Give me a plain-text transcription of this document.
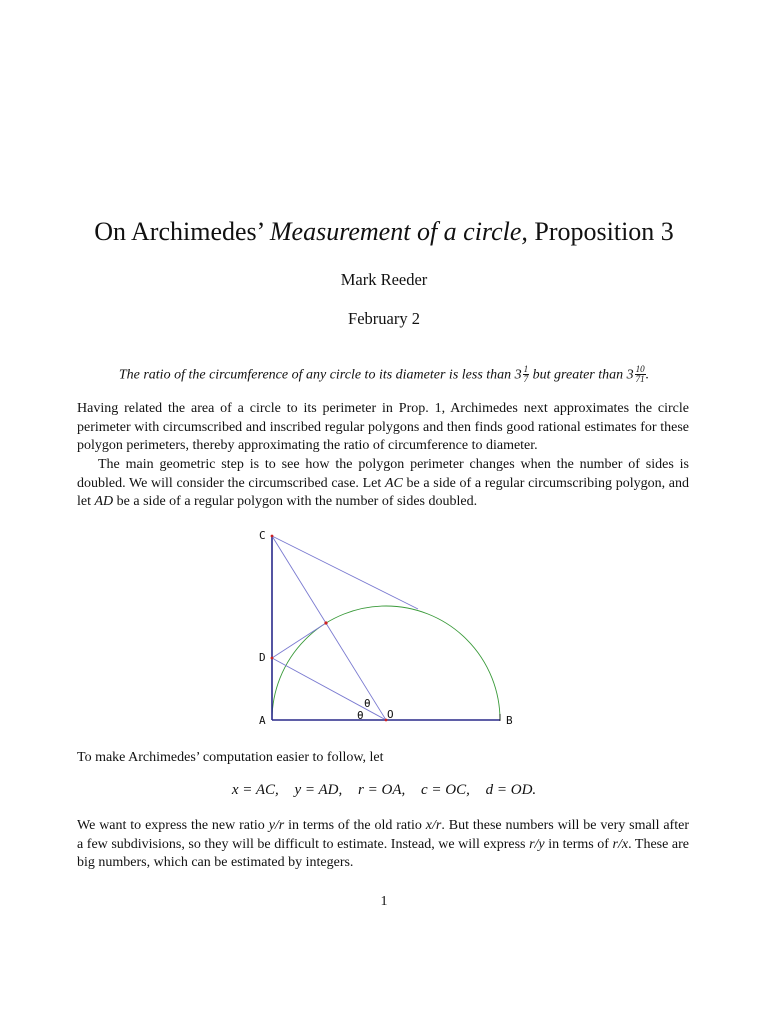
On Archimedes’ Measurement of a circle, Proposition 3
Mark Reeder
February 2
The ratio of the circumference of any circle to its diameter is less than $3 \frac{1}{7}$ but greater than $3 \frac{10}{71}$ .
Having related the area of a circle to its perimeter in Prop. 1, Archimedes next approximates the circle perimeter with circumscribed and inscribed regular polygons and then finds good rational estimates for these polygon perimeters, thereby approximating the ratio of circumference to diameter.
The main geometric step is to see how the polygon perimeter changes when the number of sides is doubled. We will consider the circumscribed case. Let AC be a side of a regular circumscribing polygon, and let AD be a side of a regular polygon with the number of sides doubled.
C
D
A	B
O
θ
θ
To make Archimedes’ computation easier to follow, let
x = AC, y = AD, r = OA, c = OC, d = OD.
We want to express the new ratio y/r in terms of the old ratio x/r. But these numbers will be very small after a few subdivisions, so they will be difficult to estimate. Instead, we will express r/y in terms of r/x. These are big numbers, which can be estimated by integers.
1
